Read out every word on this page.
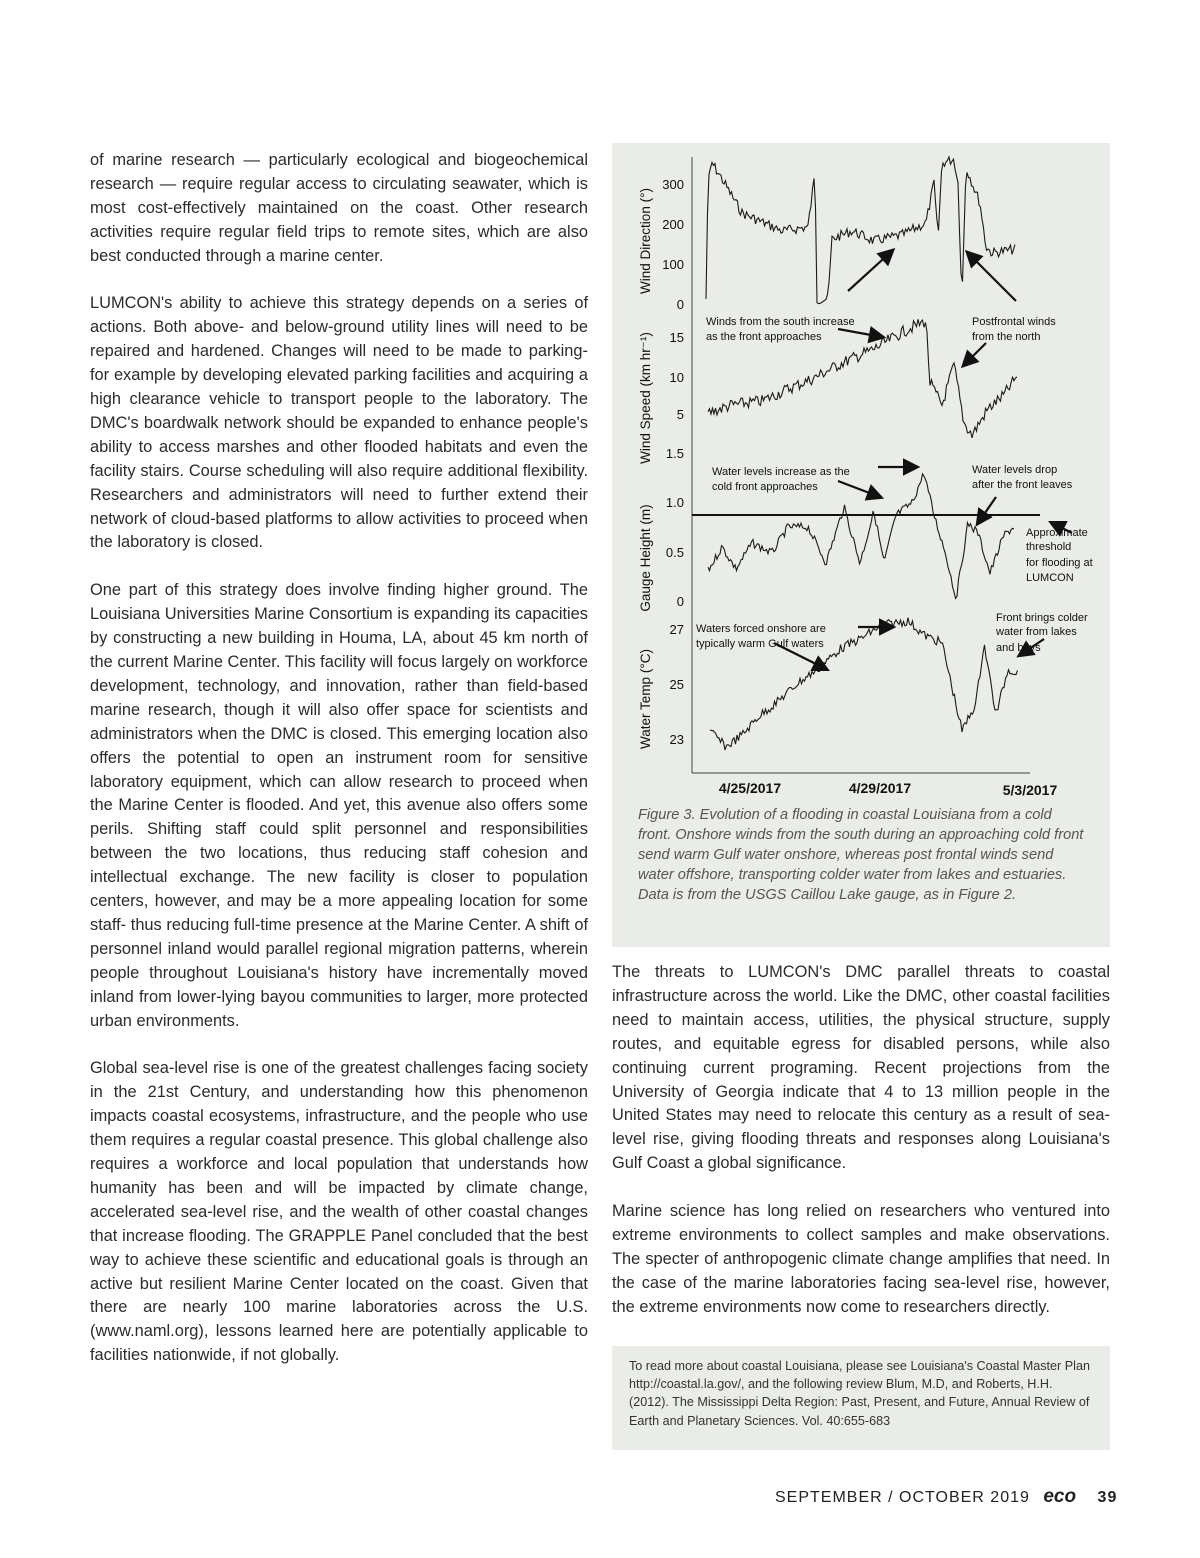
of marine research — particularly ecological and biogeochemical research — require regular access to circulating seawater, which is most cost-effectively maintained on the coast. Other research activities require regular field trips to remote sites, which are also best conducted through a marine center.

LUMCON's ability to achieve this strategy depends on a series of actions. Both above- and below-ground utility lines will need to be repaired and hardened. Changes will need to be made to parking- for example by developing elevated parking facilities and acquiring a high clearance vehicle to transport people to the laboratory. The DMC's boardwalk network should be expanded to enhance people's ability to access marshes and other flooded habitats and even the facility stairs. Course scheduling will also require additional flexibility. Researchers and administrators will need to further extend their network of cloud-based platforms to allow activities to proceed when the laboratory is closed.

One part of this strategy does involve finding higher ground. The Louisiana Universities Marine Consortium is expanding its capacities by constructing a new building in Houma, LA, about 45 km north of the current Marine Center. This facility will focus largely on workforce development, technology, and innovation, rather than field-based marine research, though it will also offer space for scientists and administrators when the DMC is closed. This emerging location also offers the potential to open an instrument room for sensitive laboratory equipment, which can allow research to proceed when the Marine Center is flooded. And yet, this avenue also offers some perils. Shifting staff could split personnel and responsibilities between the two locations, thus reducing staff cohesion and intellectual exchange. The new facility is closer to population centers, however, and may be a more appealing location for some staff- thus reducing full-time presence at the Marine Center. A shift of personnel inland would parallel regional migration patterns, wherein people throughout Louisiana's history have incrementally moved inland from lower-lying bayou communities to larger, more protected urban environments.

Global sea-level rise is one of the greatest challenges facing society in the 21st Century, and understanding how this phenomenon impacts coastal ecosystems, infrastructure, and the people who use them requires a regular coastal presence. This global challenge also requires a workforce and local population that understands how humanity has been and will be impacted by climate change, accelerated sea-level rise, and the wealth of other coastal changes that increase flooding. The GRAPPLE Panel concluded that the best way to achieve these scientific and educational goals is through an active but resilient Marine Center located on the coast. Given that there are nearly 100 marine laboratories across the U.S. (www.naml.org), lessons learned here are potentially applicable to facilities nationwide, if not globally.

Wind Direction (°)
Wind Speed (km hr⁻¹)
Gauge Height (m)
Water Temp (°C)
300
200
100
0
15
10
5
1.5
1.0
0.5
0
27
25
23
Winds from the south increase as the front approaches
Postfrontal winds from the north
Water levels increase as the cold front approaches
Water levels drop after the front leaves
Approximate threshold for flooding at LUMCON
Waters forced onshore are typically warm Gulf waters
Front brings colder water from lakes and bays
4/25/2017	4/29/2017	5/3/2017
Figure 3. Evolution of a flooding in coastal Louisiana from a cold front. Onshore winds from the south during an approaching cold front send warm Gulf water onshore, whereas post frontal winds send water offshore, transporting colder water from lakes and estuaries. Data is from the USGS Caillou Lake gauge, as in Figure 2.

The threats to LUMCON's DMC parallel threats to coastal infrastructure across the world. Like the DMC, other coastal facilities need to maintain access, utilities, the physical structure, supply routes, and equitable egress for disabled persons, while also continuing current programing. Recent projections from the University of Georgia indicate that 4 to 13 million people in the United States may need to relocate this century as a result of sea-level rise, giving flooding threats and responses along Louisiana's Gulf Coast a global significance.

Marine science has long relied on researchers who ventured into extreme environments to collect samples and make observations. The specter of anthropogenic climate change amplifies that need. In the case of the marine laboratories facing sea-level rise, however, the extreme environments now come to researchers directly.

To read more about coastal Louisiana, please see Louisiana's Coastal Master Plan http://coastal.la.gov/, and the following review Blum, M.D, and Roberts, H.H. (2012). The Mississippi Delta Region: Past, Present, and Future, Annual Review of Earth and Planetary Sciences. Vol. 40:655-683
SEPTEMBER / OCTOBER 2019 eco 39
